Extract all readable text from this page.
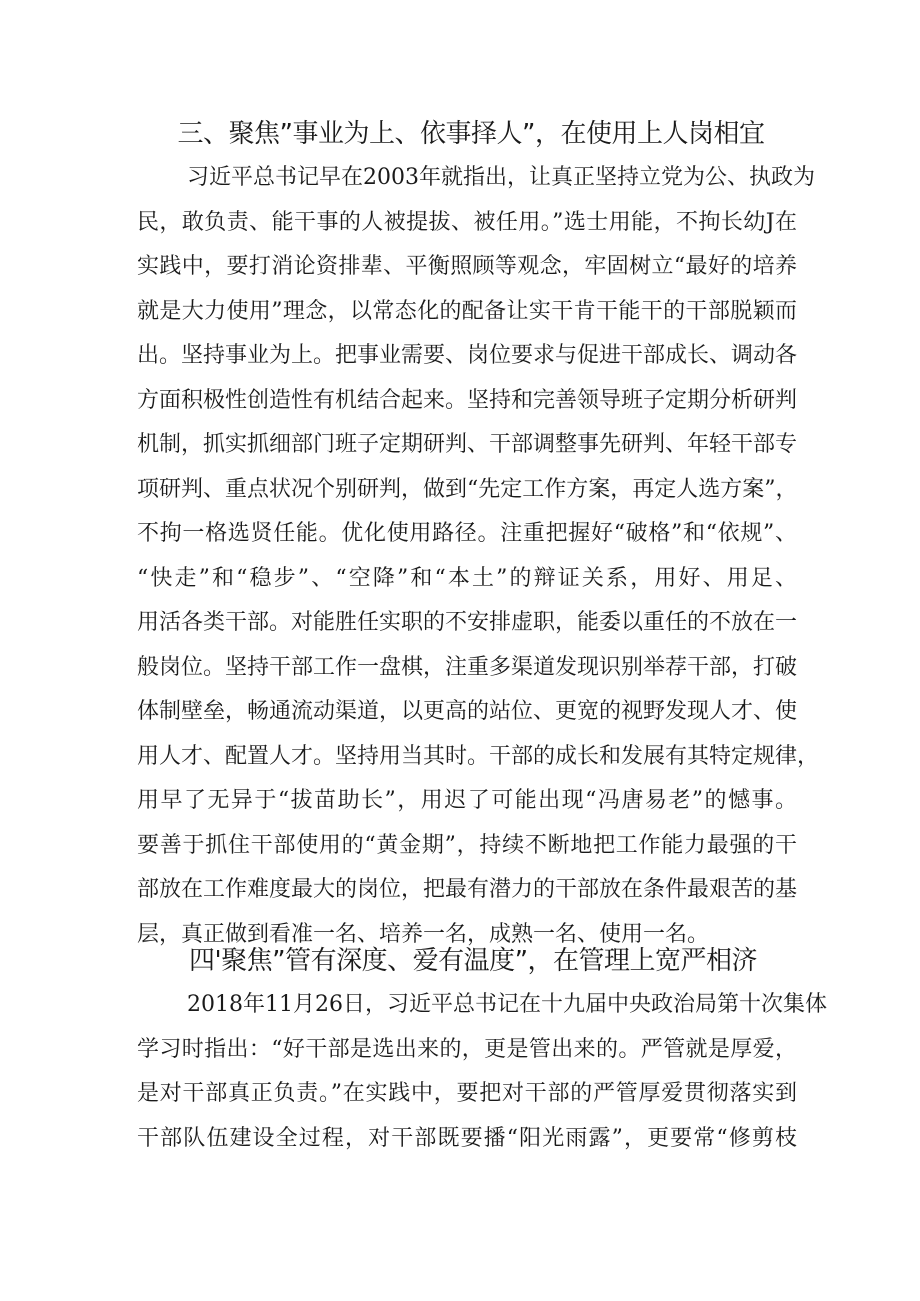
三、聚焦”事业为上、依事择人”，在使用上人岗相宜
习近平总书记早在2003年就指出，让真正坚持立党为公、执政为
民，敢负责、能干事的人被提拔、被任用。”选士用能，不拘长幼J在
实践中，要打消论资排辈、平衡照顾等观念，牢固树立“最好的培养
就是大力使用”理念，以常态化的配备让实干肯干能干的干部脱颖而
出。坚持事业为上。把事业需要、岗位要求与促进干部成长、调动各
方面积极性创造性有机结合起来。坚持和完善领导班子定期分析研判
机制，抓实抓细部门班子定期研判、干部调整事先研判、年轻干部专
项研判、重点状况个别研判，做到“先定工作方案，再定人选方案”，
不拘一格选贤任能。优化使用路径。注重把握好“破格”和“依规”、
“快走”和“稳步”、“空降”和“本土”的辩证关系，用好、用足、
用活各类干部。对能胜任实职的不安排虚职，能委以重任的不放在一
般岗位。坚持干部工作一盘棋，注重多渠道发现识别举荐干部，打破
体制壁垒，畅通流动渠道，以更高的站位、更宽的视野发现人才、使
用人才、配置人才。坚持用当其时。干部的成长和发展有其特定规律，
用早了无异于“拔苗助长”，用迟了可能出现“冯唐易老”的憾事。
要善于抓住干部使用的“黄金期”，持续不断地把工作能力最强的干
部放在工作难度最大的岗位，把最有潜力的干部放在条件最艰苦的基
层，真正做到看准一名、培养一名，成熟一名、使用一名。
四'聚焦”管有深度、爱有温度”，在管理上宽严相济
2018年11月26日，习近平总书记在十九届中央政治局第十次集体
学习时指出：“好干部是选出来的，更是管出来的。严管就是厚爱，
是对干部真正负责。”在实践中，要把对干部的严管厚爱贯彻落实到
干部队伍建设全过程，对干部既要播“阳光雨露”，更要常“修剪枝
